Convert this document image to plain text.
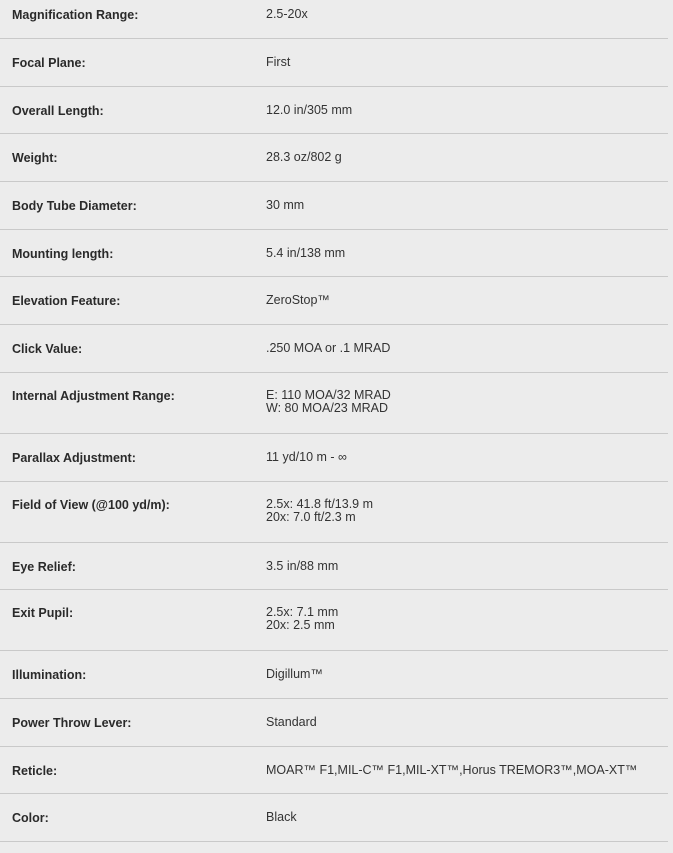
Magnification Range:	2.5-20x
Focal Plane:	First
Overall Length:	12.0 in/305 mm
Weight:	28.3 oz/802 g
Body Tube Diameter:	30 mm
Mounting length:	5.4 in/138 mm
Elevation Feature:	ZeroStop™
Click Value:	.250 MOA or .1 MRAD
Internal Adjustment Range:	E: 110 MOA/32 MRAD
W: 80 MOA/23 MRAD
Parallax Adjustment:	11 yd/10 m - ∞
Field of View (@100 yd/m):	2.5x: 41.8 ft/13.9 m
20x: 7.0 ft/2.3 m
Eye Relief:	3.5 in/88 mm
Exit Pupil:	2.5x: 7.1 mm
20x: 2.5 mm
Illumination:	Digillum™
Power Throw Lever:	Standard
Reticle:	MOAR™ F1,MIL-C™ F1,MIL-XT™,Horus TREMOR3™,MOA-XT™
Color:	Black
